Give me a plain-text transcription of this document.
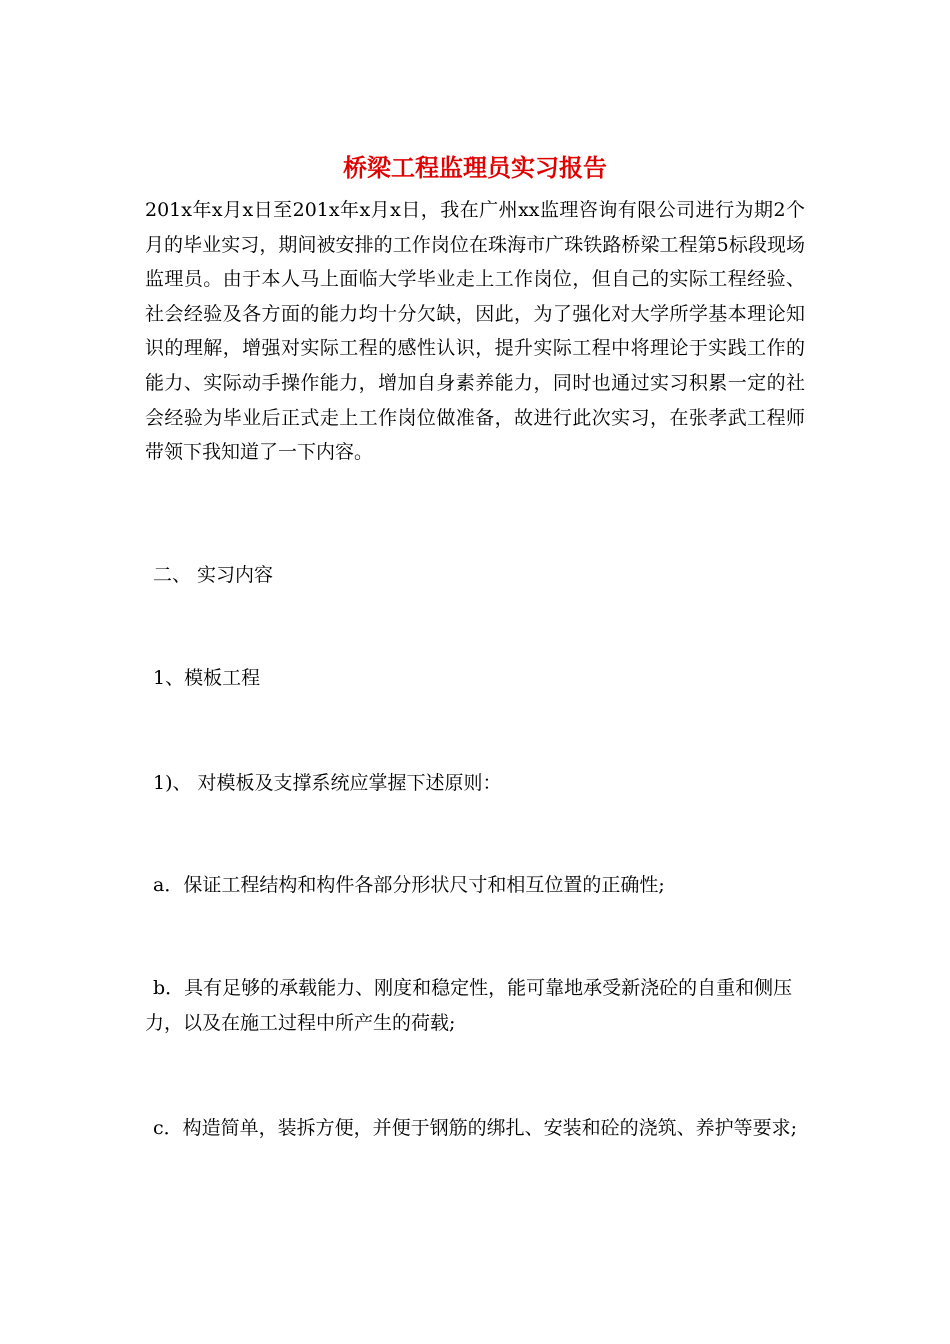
桥梁工程监理员实习报告

201x年x月x日至201x年x月x日，我在广州xx监理咨询有限公司进行为期2个月的毕业实习，期间被安排的工作岗位在珠海市广珠铁路桥梁工程第5标段现场监理员。由于本人马上面临大学毕业走上工作岗位，但自己的实际工程经验、社会经验及各方面的能力均十分欠缺，因此，为了强化对大学所学基本理论知识的理解，增强对实际工程的感性认识，提升实际工程中将理论于实践工作的能力、实际动手操作能力，增加自身素养能力，同时也通过实习积累一定的社会经验为毕业后正式走上工作岗位做准备，故进行此次实习，在张孝武工程师带领下我知道了一下内容。

二、 实习内容

1、模板工程

1)、 对模板及支撑系统应掌握下述原则：

a．保证工程结构和构件各部分形状尺寸和相互位置的正确性;

b．具有足够的承载能力、刚度和稳定性，能可靠地承受新浇砼的自重和侧压力，以及在施工过程中所产生的荷载;

c．构造简单，装拆方便，并便于钢筋的绑扎、安装和砼的浇筑、养护等要求;
